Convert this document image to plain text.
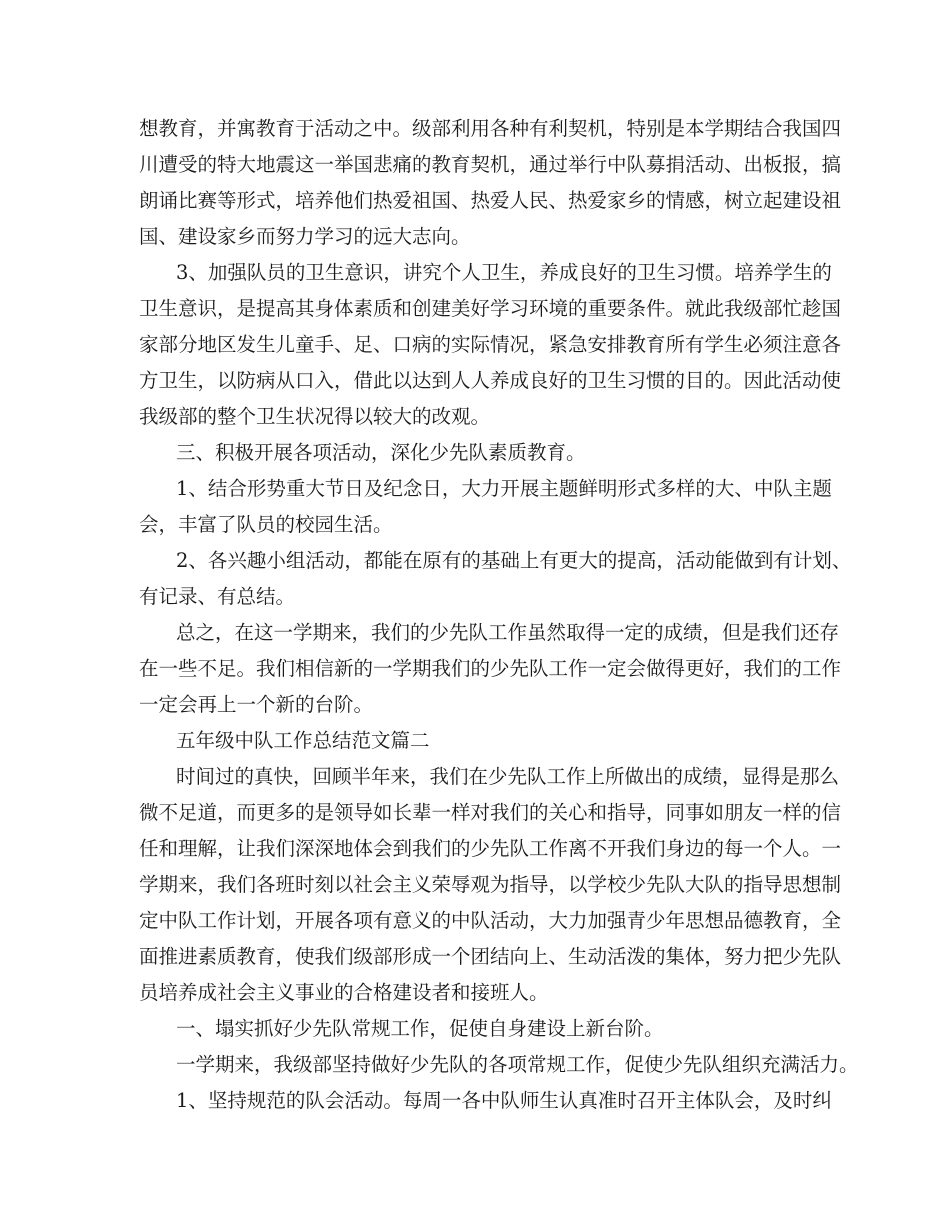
想教育，并寓教育于活动之中。级部利用各种有利契机，特别是本学期结合我国四
川遭受的特大地震这一举国悲痛的教育契机，通过举行中队募捐活动、出板报，搞
朗诵比赛等形式，培养他们热爱祖国、热爱人民、热爱家乡的情感，树立起建设祖
国、建设家乡而努力学习的远大志向。
3、加强队员的卫生意识，讲究个人卫生，养成良好的卫生习惯。培养学生的
卫生意识，是提高其身体素质和创建美好学习环境的重要条件。就此我级部忙趁国
家部分地区发生儿童手、足、口病的实际情况，紧急安排教育所有学生必须注意各
方卫生，以防病从口入，借此以达到人人养成良好的卫生习惯的目的。因此活动使
我级部的整个卫生状况得以较大的改观。
三、积极开展各项活动，深化少先队素质教育。
1、结合形势重大节日及纪念日，大力开展主题鲜明形式多样的大、中队主题
会，丰富了队员的校园生活。
2、各兴趣小组活动，都能在原有的基础上有更大的提高，活动能做到有计划、
有记录、有总结。
总之，在这一学期来，我们的少先队工作虽然取得一定的成绩，但是我们还存
在一些不足。我们相信新的一学期我们的少先队工作一定会做得更好，我们的工作
一定会再上一个新的台阶。
五年级中队工作总结范文篇二
时间过的真快，回顾半年来，我们在少先队工作上所做出的成绩，显得是那么
微不足道，而更多的是领导如长辈一样对我们的关心和指导，同事如朋友一样的信
任和理解，让我们深深地体会到我们的少先队工作离不开我们身边的每一个人。一
学期来，我们各班时刻以社会主义荣辱观为指导，以学校少先队大队的指导思想制
定中队工作计划，开展各项有意义的中队活动，大力加强青少年思想品德教育，全
面推进素质教育，使我们级部形成一个团结向上、生动活泼的集体，努力把少先队
员培养成社会主义事业的合格建设者和接班人。
一、塌实抓好少先队常规工作，促使自身建设上新台阶。
一学期来，我级部坚持做好少先队的各项常规工作，促使少先队组织充满活力。
1、坚持规范的队会活动。每周一各中队师生认真准时召开主体队会，及时纠
